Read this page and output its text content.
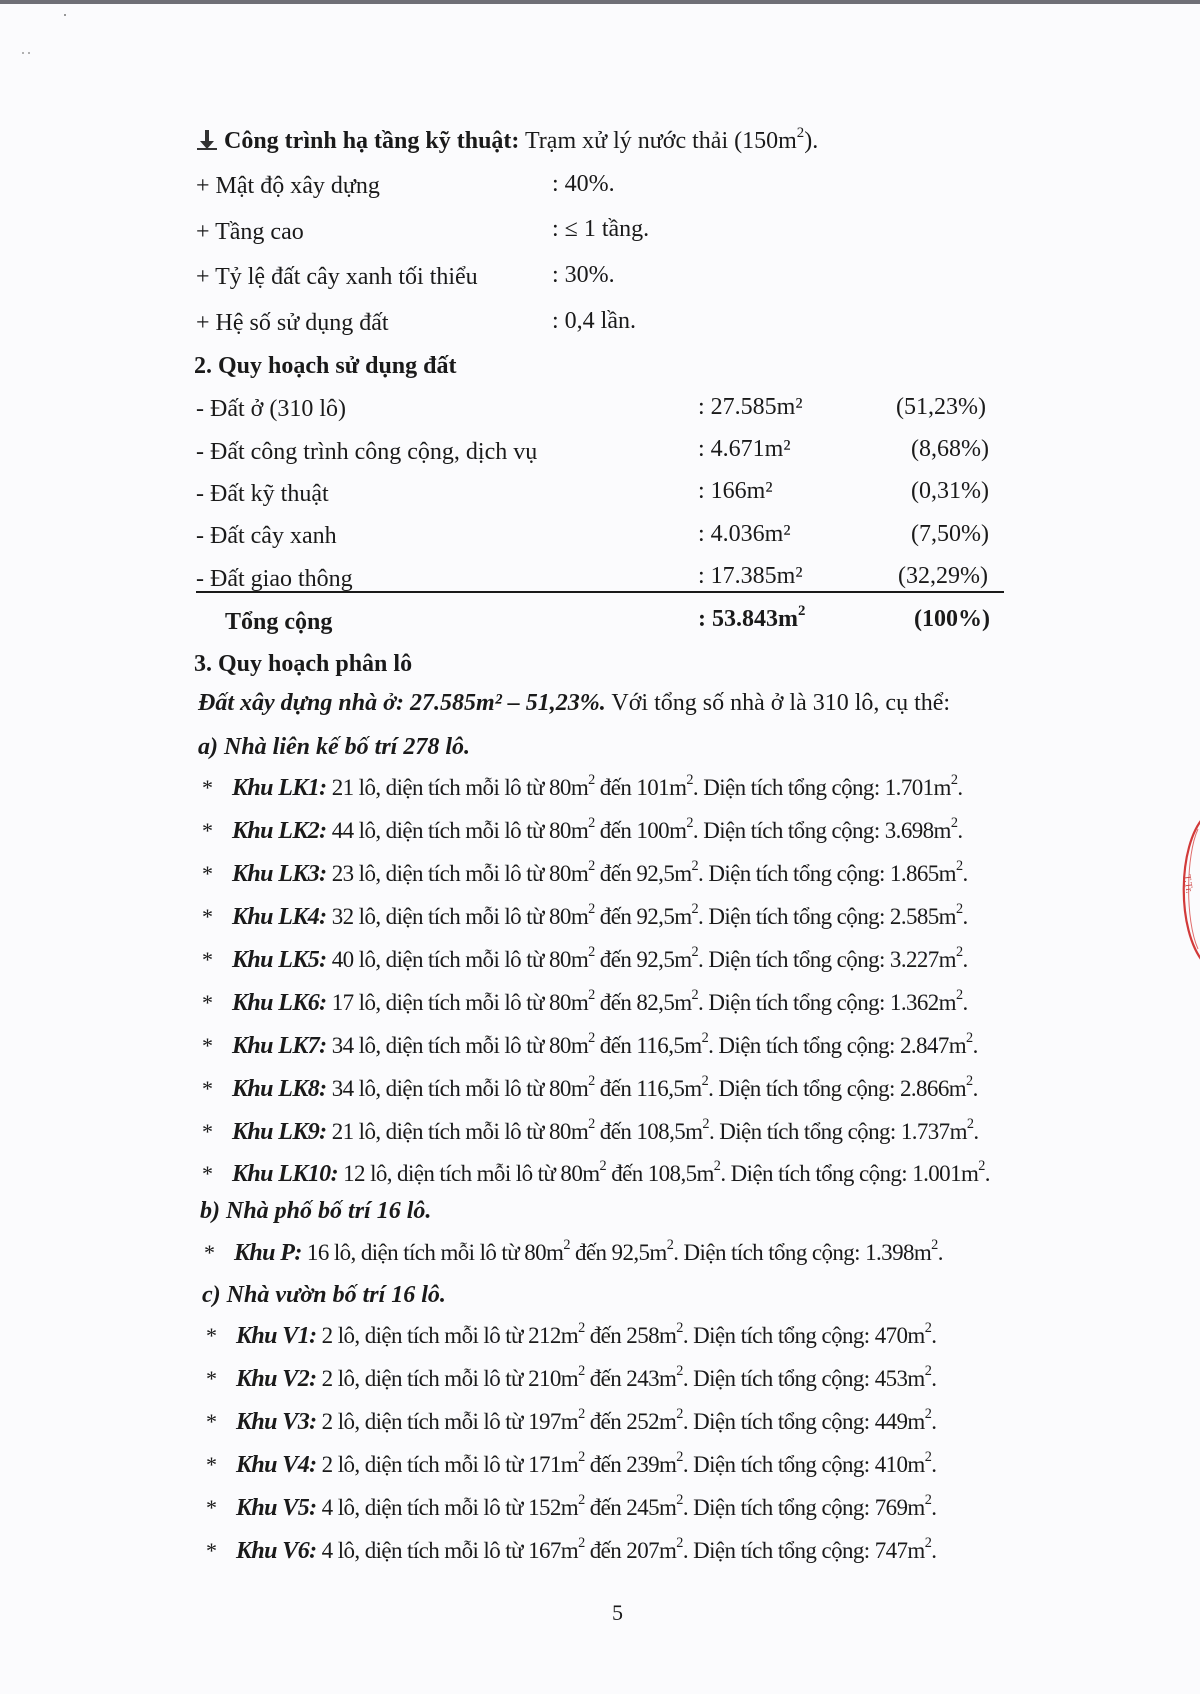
Công trình hạ tầng kỹ thuật: Trạm xử lý nước thải $(150m^2)$.
+ Mật độ xây dựng	: 40%.
+ Tầng cao	: ≤ 1 tầng.
+ Tỷ lệ đất cây xanh tối thiểu	: 30%.
+ Hệ số sử dụng đất	: 0,4 lần.
2. Quy hoạch sử dụng đất
- Đất ở (310 lô)	: 27.585m²	(51,23%)
- Đất công trình công cộng, dịch vụ	: 4.671m²	(8,68%)
- Đất kỹ thuật	: 166m²	(0,31%)
- Đất cây xanh	: 4.036m²	(7,50%)
- Đất giao thông	: 17.385m²	(32,29%)
Tổng cộng	: $53.843m^2$	(100%)
3. Quy hoạch phân lô
Đất xây dựng nhà ở: 27.585m² – 51,23%. Với tổng số nhà ở là 310 lô, cụ thể:
a) Nhà liên kế bố trí 278 lô.
* Khu LK1: 21 lô, diện tích mỗi lô từ $80m^2$ đến $101m^2$. Diện tích tổng cộng: $1.701m^2$.
* Khu LK2: 44 lô, diện tích mỗi lô từ $80m^2$ đến $100m^2$. Diện tích tổng cộng: $3.698m^2$.
* Khu LK3: 23 lô, diện tích mỗi lô từ $80m^2$ đến $92,5m^2$. Diện tích tổng cộng: $1.865m^2$.
* Khu LK4: 32 lô, diện tích mỗi lô từ $80m^2$ đến $92,5m^2$. Diện tích tổng cộng: $2.585m^2$.
* Khu LK5: 40 lô, diện tích mỗi lô từ $80m^2$ đến $92,5m^2$. Diện tích tổng cộng: $3.227m^2$.
* Khu LK6: 17 lô, diện tích mỗi lô từ $80m^2$ đến $82,5m^2$. Diện tích tổng cộng: $1.362m^2$.
* Khu LK7: 34 lô, diện tích mỗi lô từ $80m^2$ đến $116,5m^2$. Diện tích tổng cộng: $2.847m^2$.
* Khu LK8: 34 lô, diện tích mỗi lô từ $80m^2$ đến $116,5m^2$. Diện tích tổng cộng: $2.866m^2$.
* Khu LK9: 21 lô, diện tích mỗi lô từ $80m^2$ đến $108,5m^2$. Diện tích tổng cộng: $1.737m^2$.
* Khu LK10: 12 lô, diện tích mỗi lô từ $80m^2$ đến $108,5m^2$. Diện tích tổng cộng: $1.001m^2$.
b) Nhà phố bố trí 16 lô.
* Khu P: 16 lô, diện tích mỗi lô từ $80m^2$ đến $92,5m^2$. Diện tích tổng cộng: $1.398m^2$.
c) Nhà vườn bố trí 16 lô.
* Khu V1: 2 lô, diện tích mỗi lô từ $212m^2$ đến $258m^2$. Diện tích tổng cộng: $470m^2$.
* Khu V2: 2 lô, diện tích mỗi lô từ $210m^2$ đến $243m^2$. Diện tích tổng cộng: $453m^2$.
* Khu V3: 2 lô, diện tích mỗi lô từ $197m^2$ đến $252m^2$. Diện tích tổng cộng: $449m^2$.
* Khu V4: 2 lô, diện tích mỗi lô từ $171m^2$ đến $239m^2$. Diện tích tổng cộng: $410m^2$.
* Khu V5: 4 lô, diện tích mỗi lô từ $152m^2$ đến $245m^2$. Diện tích tổng cộng: $769m^2$.
* Khu V6: 4 lô, diện tích mỗi lô từ $167m^2$ đến $207m^2$. Diện tích tổng cộng: $747m^2$.
5
T.Tr.
